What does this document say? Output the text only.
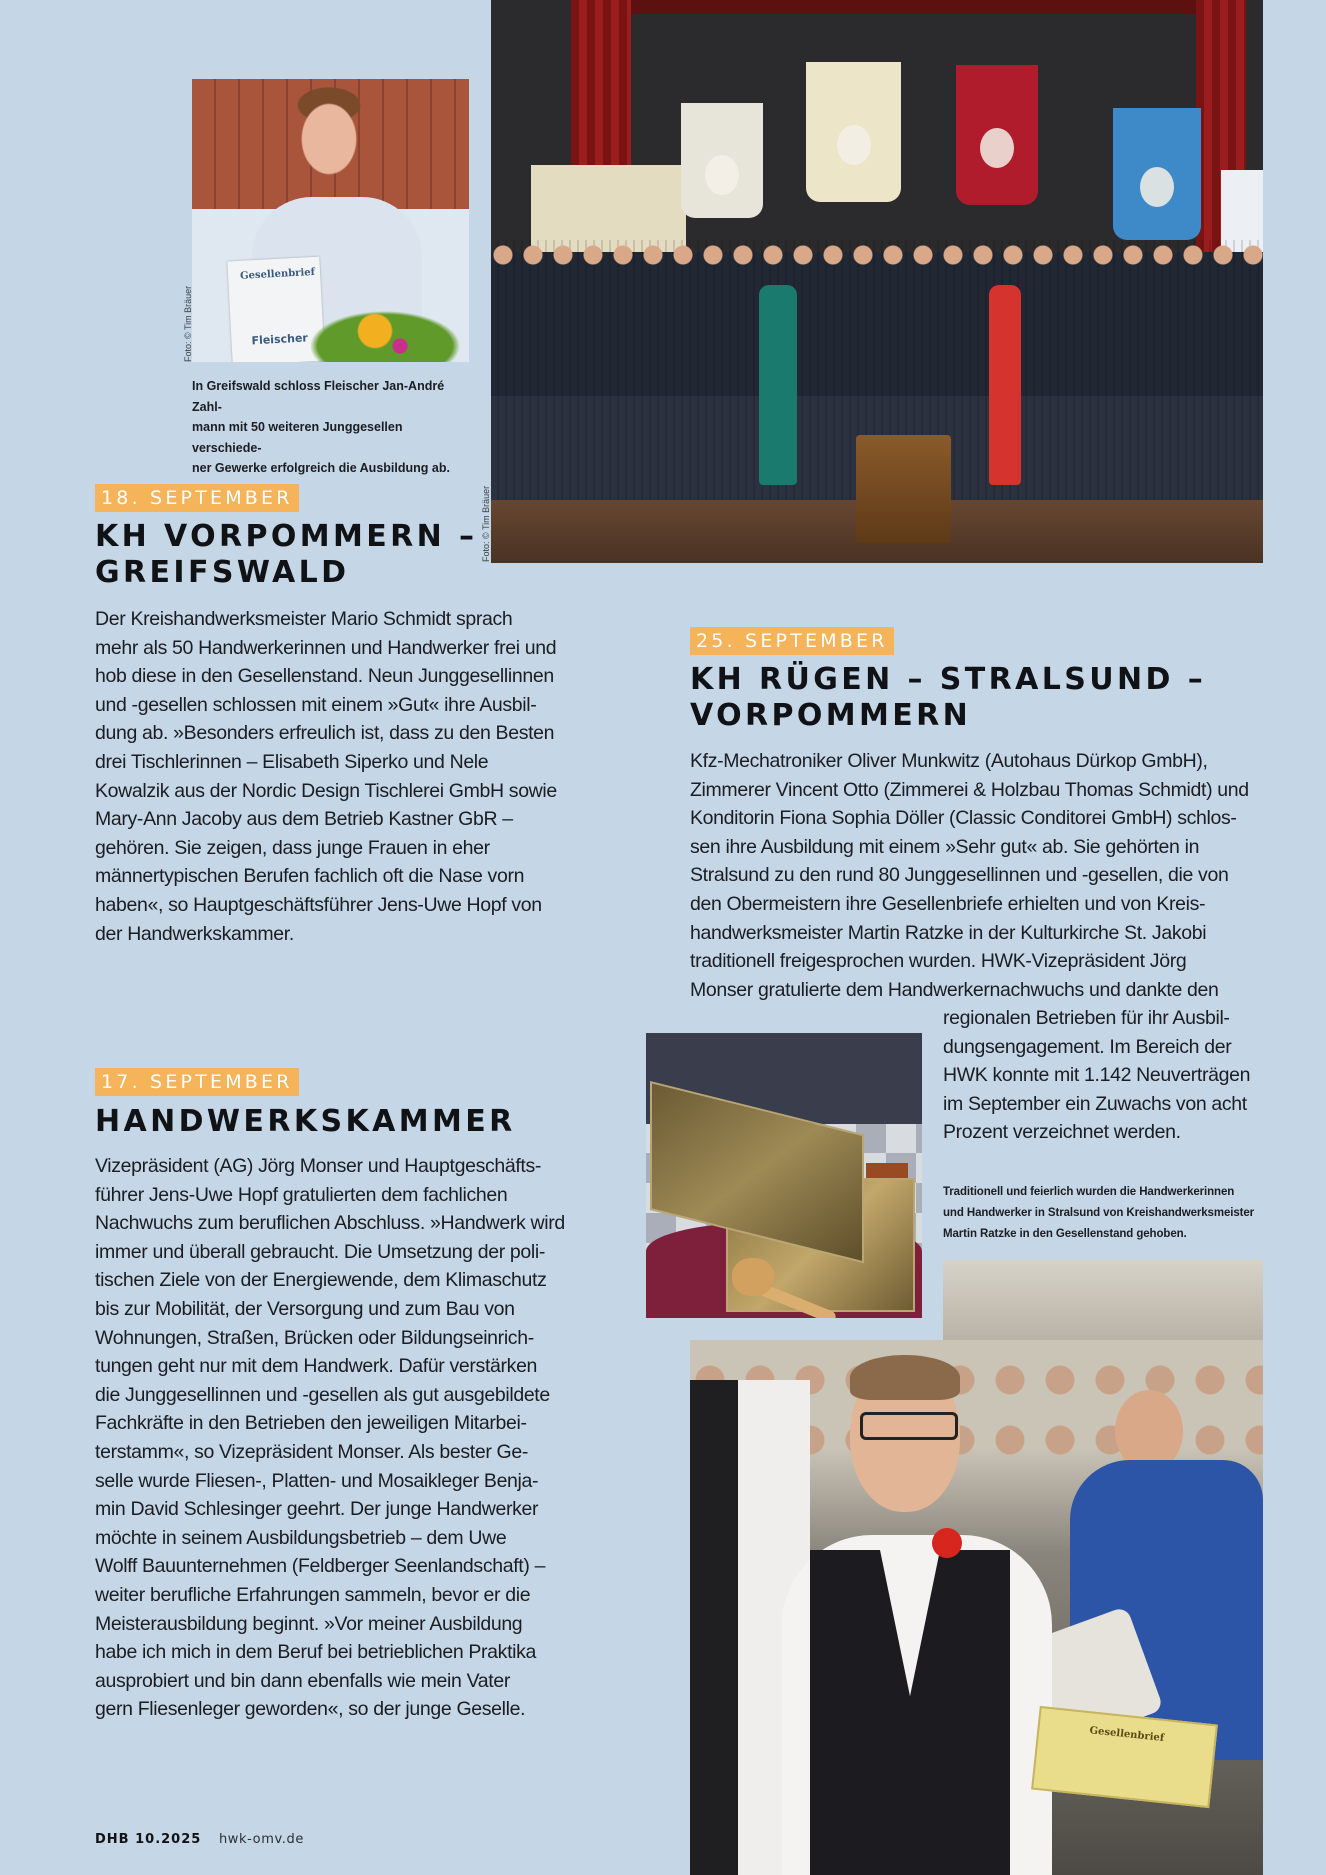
Gesellenbrief
Fleischer
Foto: © Tim Bräuer
In Greifswald schloss Fleischer Jan-André Zahl-
mann mit 50 weiteren Junggesellen verschiede-
ner Gewerke erfolgreich die Ausbildung ab.
Foto: © Tim Bräuer
Traditionell und feierlich wurden die Handwerkerinnen
und Handwerker in Stralsund von Kreishandwerksmeister
Martin Ratzke in den Gesellenstand gehoben.
Gesellenbrief
18. SEPTEMBER
KH VORPOMMERN –
GREIFSWALD

Der Kreishandwerksmeister Mario Schmidt sprach
mehr als 50 Handwerkerinnen und Handwerker frei und
hob diese in den Gesellenstand. Neun Junggesellinnen
und -gesellen schlossen mit einem »Gut« ihre Ausbil-
dung ab. »Besonders erfreulich ist, dass zu den Besten
drei Tischlerinnen – Elisabeth Siperko und Nele
Kowalzik aus der Nordic Design Tischlerei GmbH sowie
Mary-Ann Jacoby aus dem Betrieb Kastner GbR –
gehören. Sie zeigen, dass junge Frauen in eher
männertypischen Berufen fachlich oft die Nase vorn
haben«, so Hauptgeschäftsführer Jens-Uwe Hopf von
der Handwerkskammer.

25. SEPTEMBER
KH RÜGEN – STRALSUND –
VORPOMMERN

Kfz-Mechatroniker Oliver Munkwitz (Autohaus Dürkop GmbH),
Zimmerer Vincent Otto (Zimmerei & Holzbau Thomas Schmidt) und
Konditorin Fiona Sophia Döller (Classic Conditorei GmbH) schlos-
sen ihre Ausbildung mit einem »Sehr gut« ab. Sie gehörten in
Stralsund zu den rund 80 Junggesellinnen und -gesellen, die von
den Obermeistern ihre Gesellenbriefe erhielten und von Kreis-
handwerksmeister Martin Ratzke in der Kulturkirche St. Jakobi
traditionell freigesprochen wurden. HWK-Vizepräsident Jörg
Monser gratulierte dem Handwerkernachwuchs und dankte den

regionalen Betrieben für ihr Ausbil-
dungsengagement. Im Bereich der
HWK konnte mit 1.142 Neuverträgen
im September ein Zuwachs von acht
Prozent verzeichnet werden.

17. SEPTEMBER
HANDWERKSKAMMER

Vizepräsident (AG) Jörg Monser und Hauptgeschäfts-
führer Jens-Uwe Hopf gratulierten dem fachlichen
Nachwuchs zum beruflichen Abschluss. »Handwerk wird
immer und überall gebraucht. Die Umsetzung der poli-
tischen Ziele von der Energiewende, dem Klimaschutz
bis zur Mobilität, der Versorgung und zum Bau von
Wohnungen, Straßen, Brücken oder Bildungseinrich-
tungen geht nur mit dem Handwerk. Dafür verstärken
die Junggesellinnen und -gesellen als gut ausgebildete
Fachkräfte in den Betrieben den jeweiligen Mitarbei-
terstamm«, so Vizepräsident Monser. Als bester Ge-
selle wurde Fliesen-, Platten- und Mosaikleger Benja-
min David Schlesinger geehrt. Der junge Handwerker
möchte in seinem Ausbildungsbetrieb – dem Uwe
Wolff Bauunternehmen (Feldberger Seenlandschaft) –
weiter berufliche Erfahrungen sammeln, bevor er die
Meisterausbildung beginnt. »Vor meiner Ausbildung
habe ich mich in dem Beruf bei betrieblichen Praktika
ausprobiert und bin dann ebenfalls wie mein Vater
gern Fliesenleger geworden«, so der junge Geselle.

DHB 10.2025 hwk-omv.de
